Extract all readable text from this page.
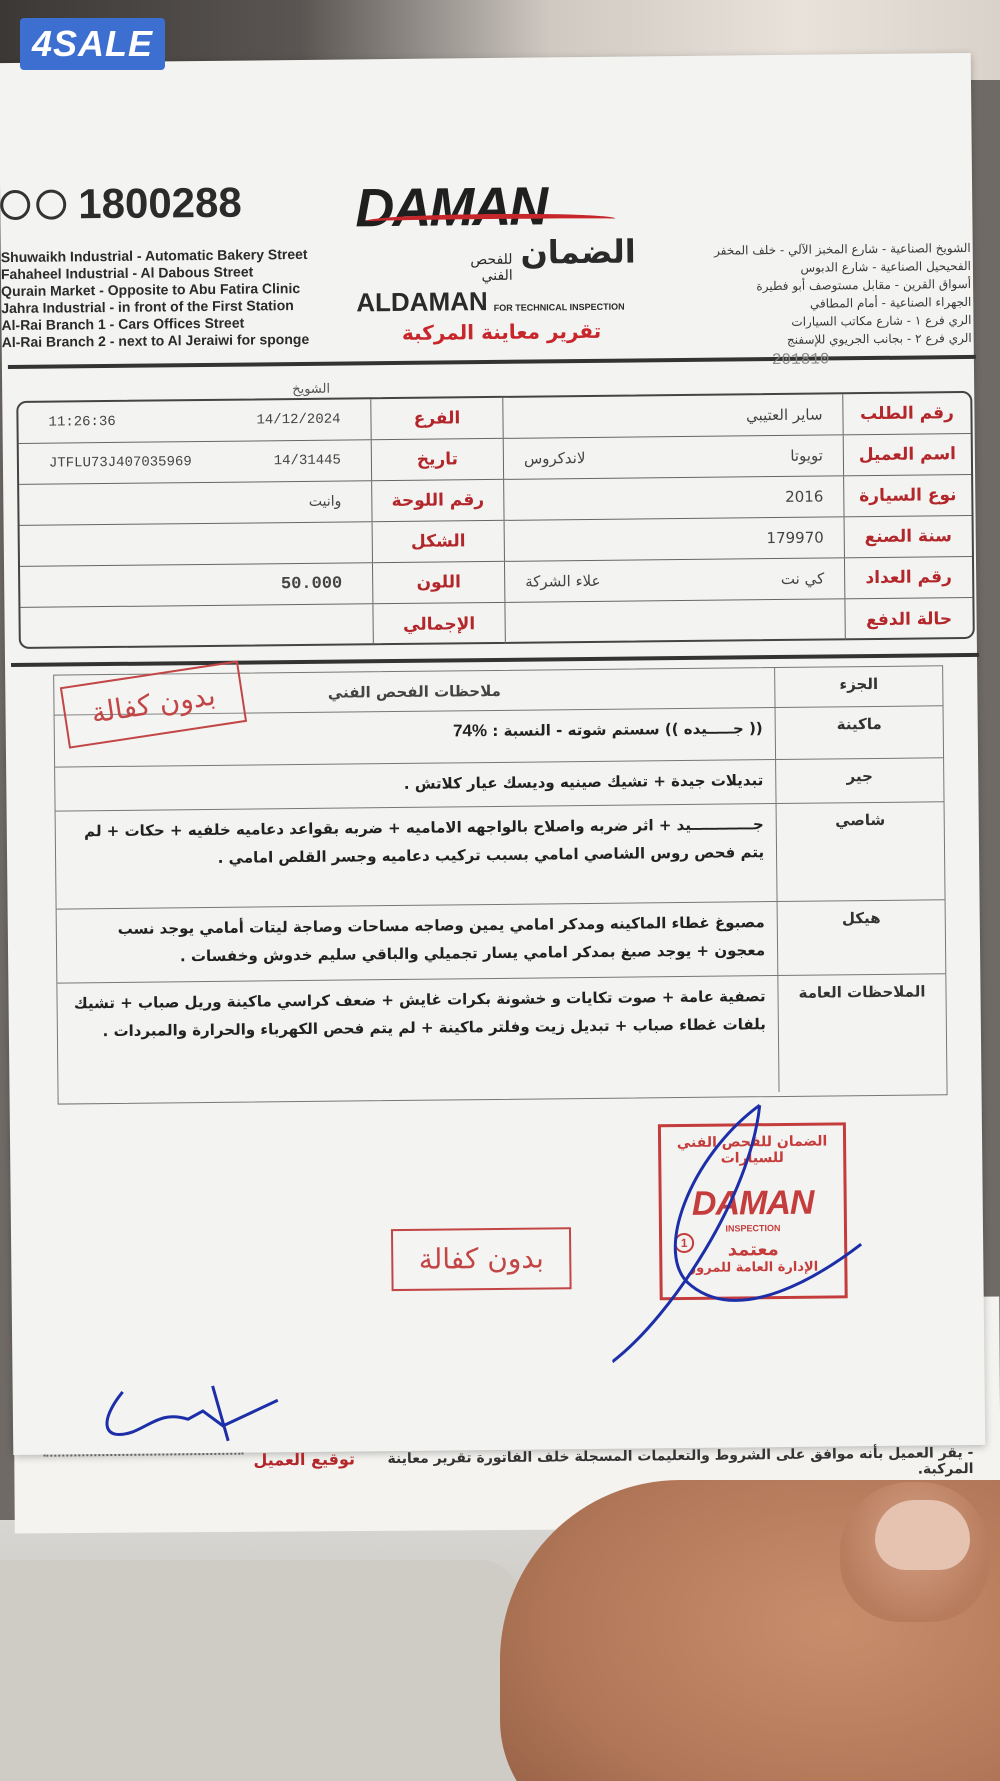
1800288
Shuwaikh Industrial - Automatic Bakery Street
Fahaheel Industrial - Al Dabous Street
Qurain Market - Opposite to Abu Fatira Clinic
Jahra Industrial - in front of the First Station
Al-Rai Branch 1 - Cars Offices Street
Al-Rai Branch 2 - next to Al Jeraiwi for sponge
الشويخ الصناعية - شارع المخبز الآلي - خلف المخفر
الفحيحيل الصناعية - شارع الدبوس
أسواق القرين - مقابل مستوصف أبو فطيرة
الجهراء الصناعية - أمام المطافي
الري فرع ١ - شارع مكاتب السيارات
الري فرع ٢ - بجانب الجريوي للإسفنج
DAMAN
الضمان
للفحص الفني
ALDAMAN FOR TECHNICAL INSPECTION
تقرير معاينة المركبة
201810
الشويخ
رقم الطلب
ساير العتيبي
الفرع
14/12/2024
11:26:36
اسم العميل
تويوتا
لاندكروس
تاريخ
14/31445
JTFLU73J407035969
نوع السيارة
2016
رقم اللوحة
وانيت
سنة الصنع
179970
الشكل
رقم العداد
كي نت
علاء الشركة
اللون
50.000
حالة الدفع
الإجمالي
الجزء
ملاحظات الفحص الفني
ماكينة
(( جـــــيده )) سستم شوته - النسبة : 74%
جير
تبديلات جيدة + تشيك صينيه وديسك عيار كلاتش .
شاصي
جــــــــــــيد + اثر ضربه واصلاح بالواجهه الاماميه + ضربه بقواعد دعاميه خلفيه + حكات + لم يتم فحص روس الشاصي امامي بسبب تركيب دعاميه وجسر القلص امامي .
هيكل
مصبوغ غطاء الماكينه ومدكر امامي يمين وصاجه مساحات وصاجة ليتات أمامي يوجد نسب معجون + يوجد صبغ بمدكر امامي يسار تجميلي والباقي سليم خدوش وخفسات .
الملاحظات العامة
تصفية عامة + صوت تكايات و خشونة بكرات غايش + ضعف كراسي ماكينة وريل صباب + تشيك بلفات غطاء صباب + تبديل زيت وفلتر ماكينة + لم يتم فحص الكهرباء والحرارة والمبردات .
بدون كفالة
بدون كفالة
الضمان للفحص الفني للسيارات
DAMAN
INSPECTION
معتمد
الإدارة العامة للمرور
1
توقيع العميل	- يقر العميل بأنه موافق على الشروط والتعليمات المسجلة خلف الفاتورة تقرير معاينة المركبة.
4SALE
